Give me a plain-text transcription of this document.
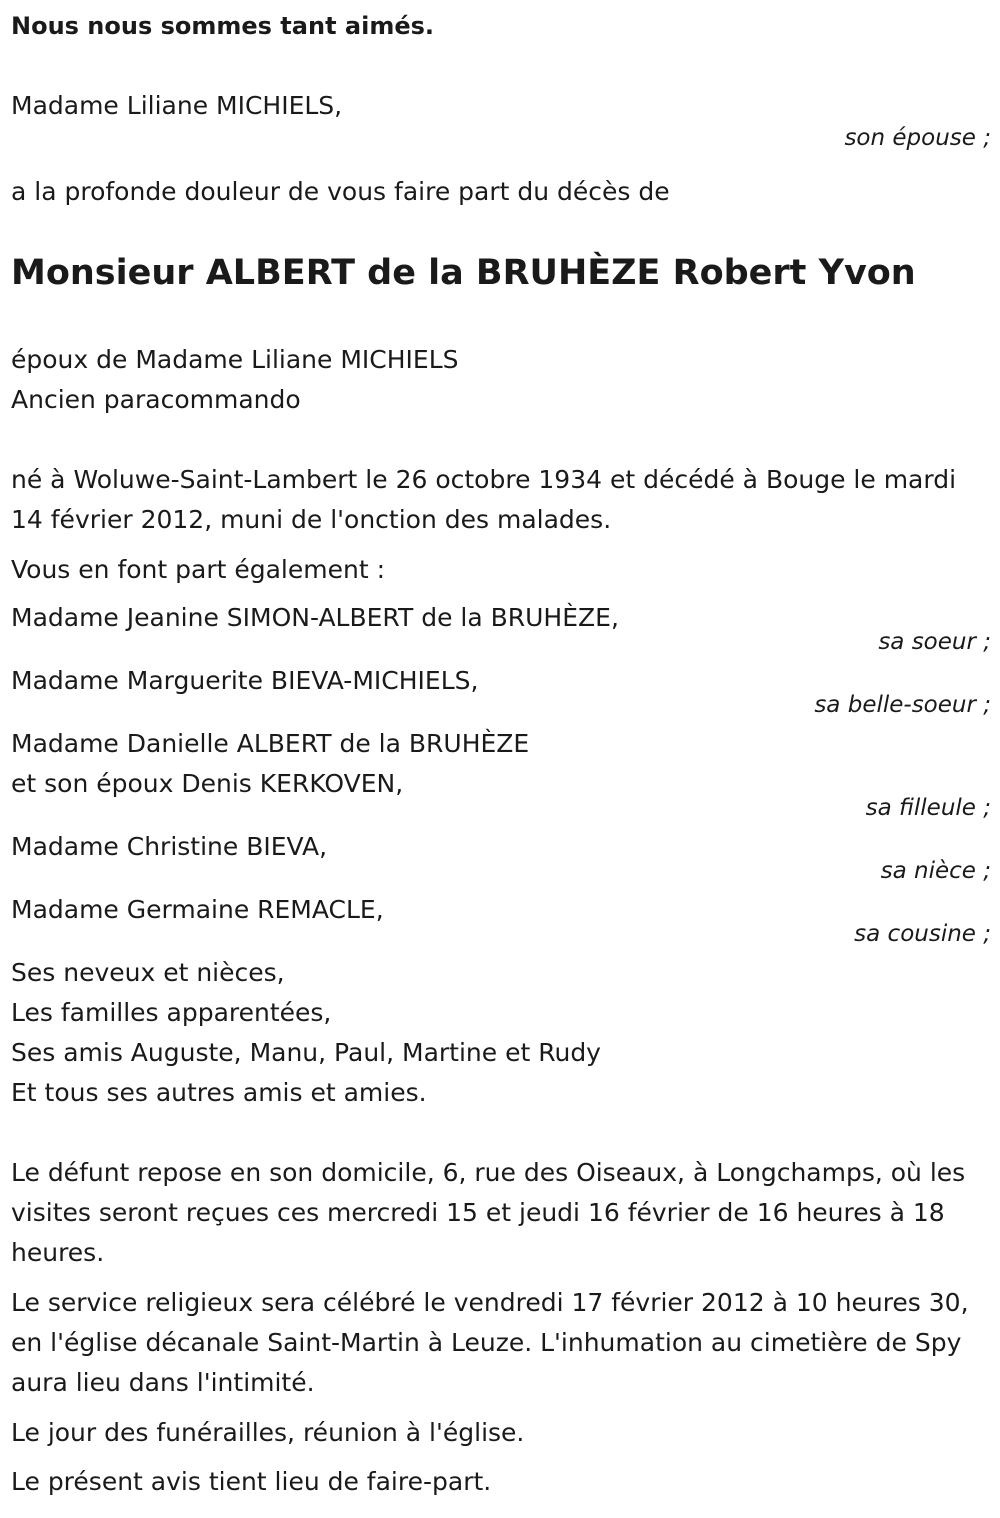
Nous nous sommes tant aimés.
Madame Liliane MICHIELS,
son épouse ;
a la profonde douleur de vous faire part du décès de
Monsieur ALBERT de la BRUHÈZE Robert Yvon
époux de Madame Liliane MICHIELS
Ancien paracommando
né à Woluwe-Saint-Lambert le 26 octobre 1934 et décédé à Bouge le mardi 14 février 2012, muni de l'onction des malades.
Vous en font part également :
Madame Jeanine SIMON-ALBERT de la BRUHÈZE,
sa soeur ;
Madame Marguerite BIEVA-MICHIELS,
sa belle-soeur ;
Madame Danielle ALBERT de la BRUHÈZE
et son époux Denis KERKOVEN,
sa filleule ;
Madame Christine BIEVA,
sa nièce ;
Madame Germaine REMACLE,
sa cousine ;
Ses neveux et nièces,
Les familles apparentées,
Ses amis Auguste, Manu, Paul, Martine et Rudy
Et tous ses autres amis et amies.
Le défunt repose en son domicile, 6, rue des Oiseaux, à Longchamps, où les visites seront reçues ces mercredi 15 et jeudi 16 février de 16 heures à 18 heures.
Le service religieux sera célébré le vendredi 17 février 2012 à 10 heures 30, en l'église décanale Saint-Martin à Leuze. L'inhumation au cimetière de Spy aura lieu dans l'intimité.
Le jour des funérailles, réunion à l'église.
Le présent avis tient lieu de faire-part.
